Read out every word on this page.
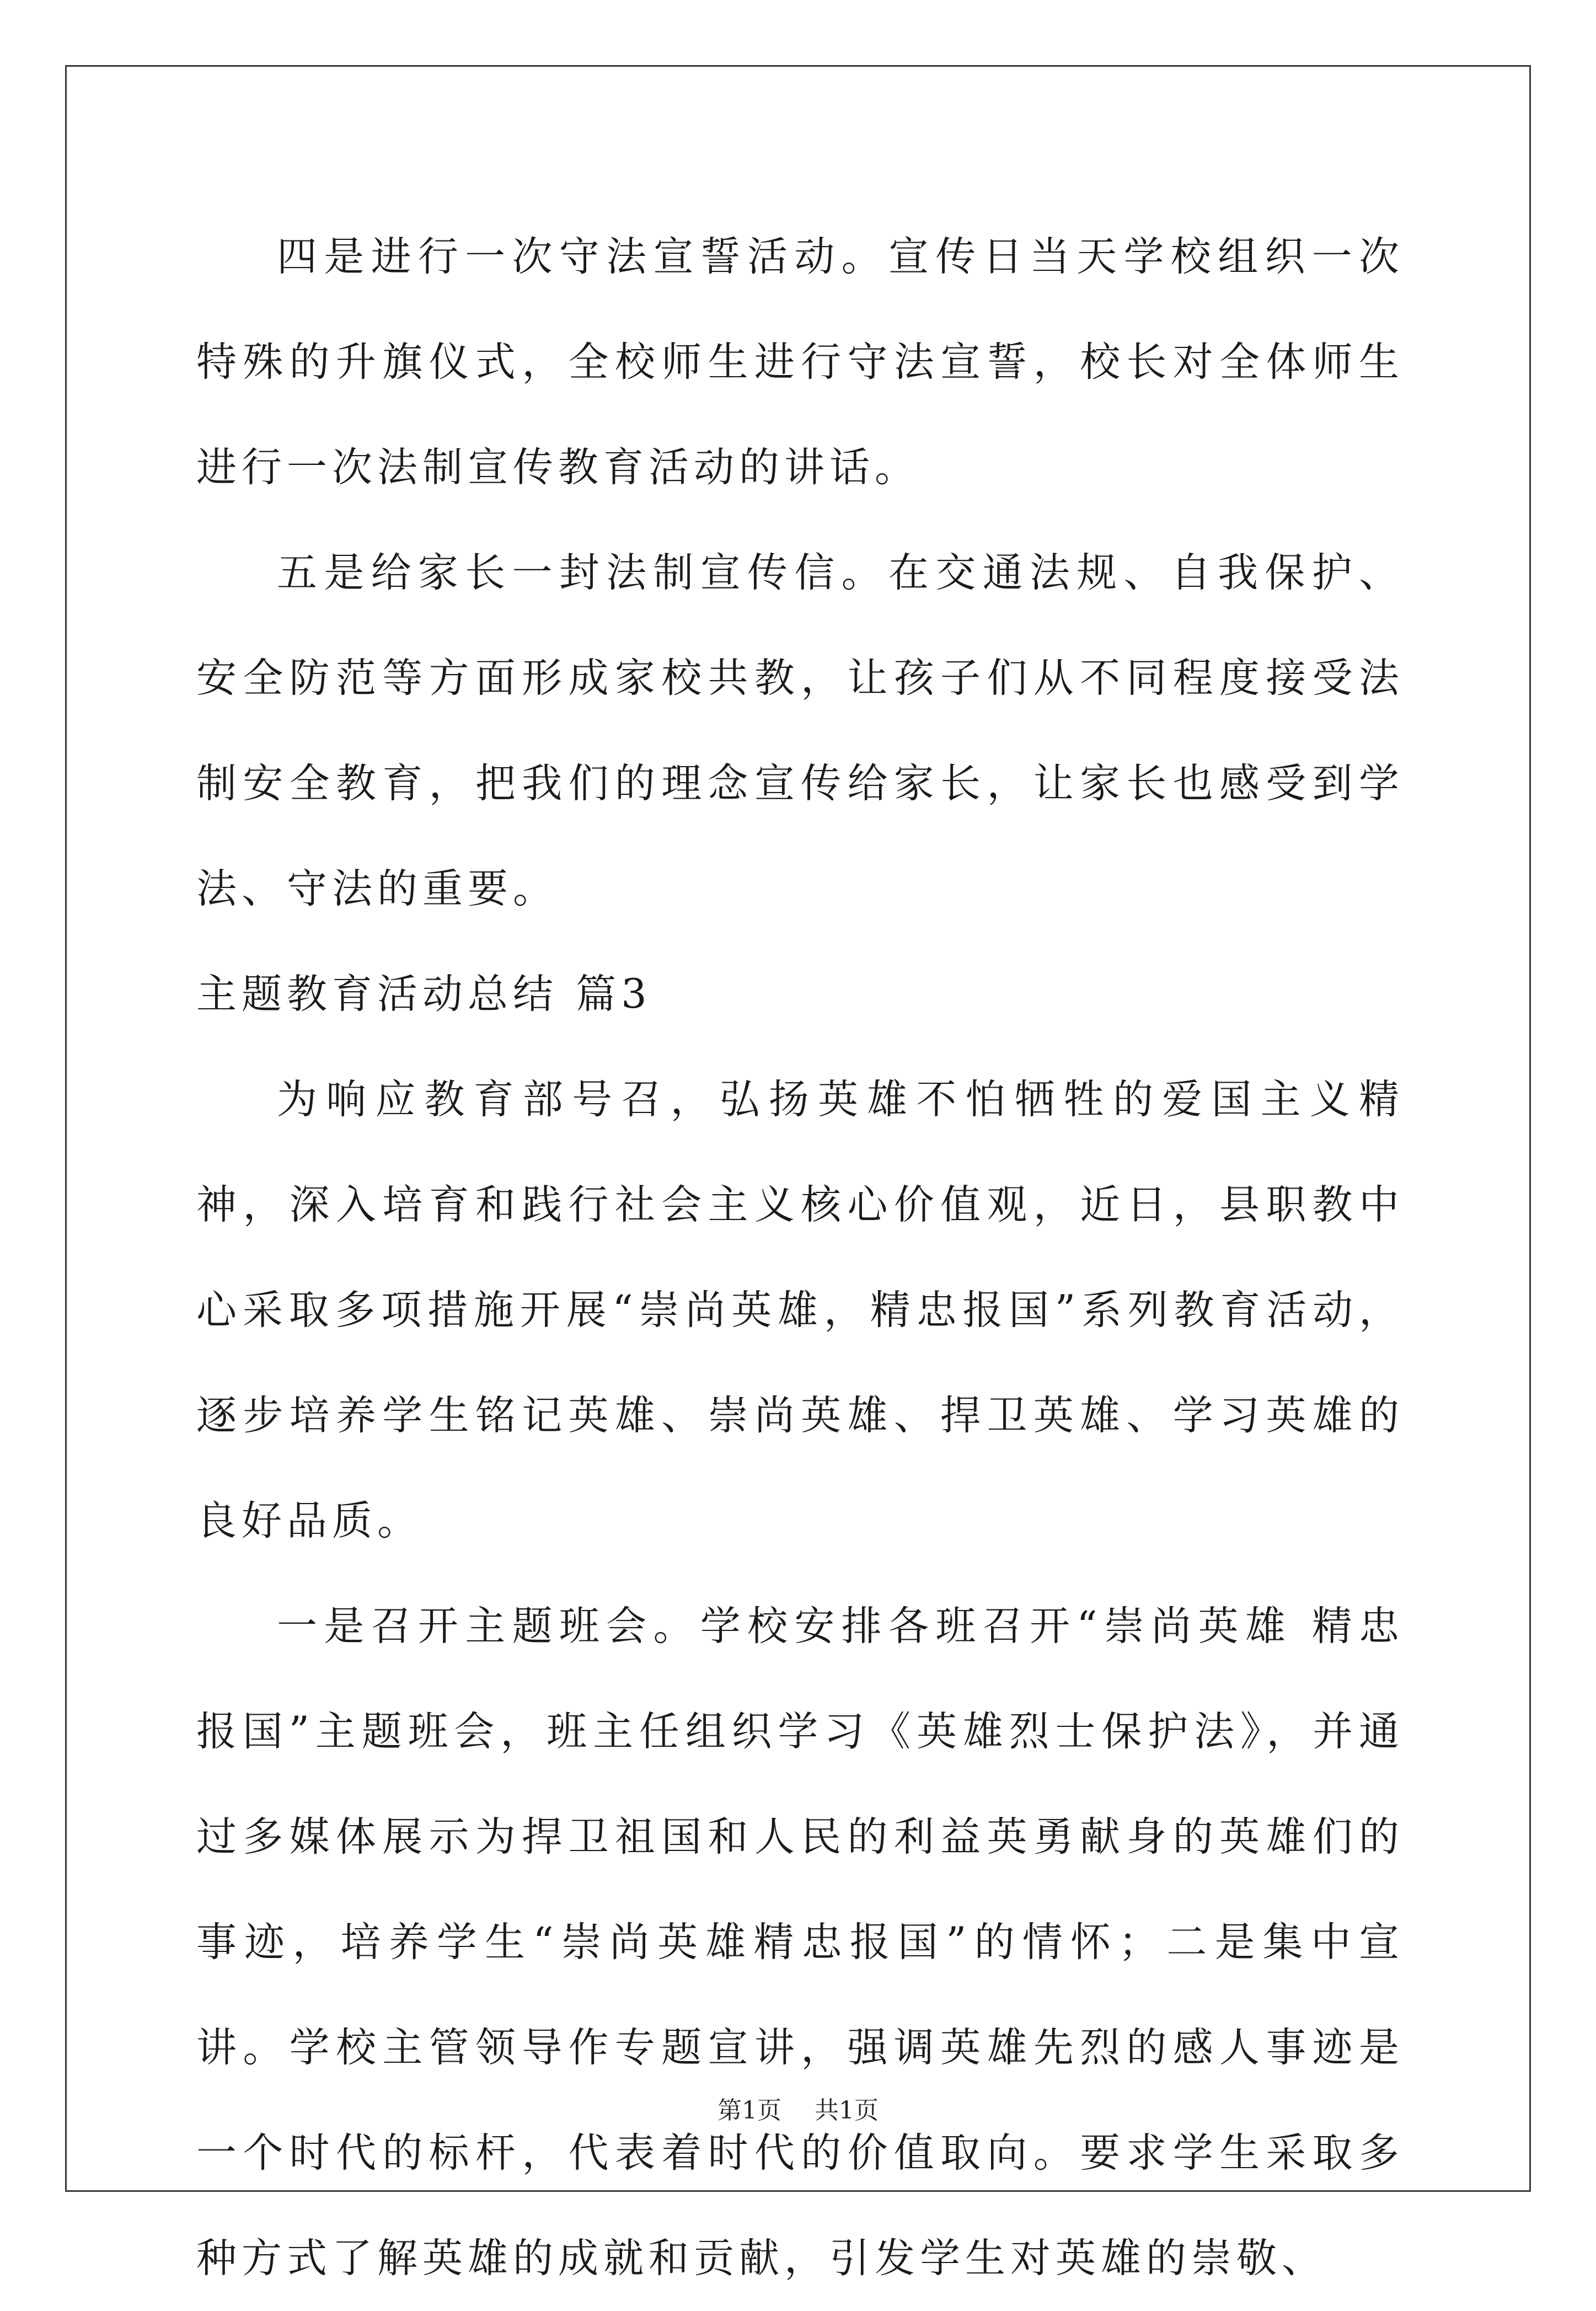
四是进行一次守法宣誓活动。宣传日当天学校组织一次特殊的升旗仪式，全校师生进行守法宣誓，校长对全体师生进行一次法制宣传教育活动的讲话。

五是给家长一封法制宣传信。在交通法规、自我保护、安全防范等方面形成家校共教，让孩子们从不同程度接受法制安全教育，把我们的理念宣传给家长，让家长也感受到学法、守法的重要。

主题教育活动总结 篇3

为响应教育部号召，弘扬英雄不怕牺牲的爱国主义精神，深入培育和践行社会主义核心价值观，近日，县职教中心采取多项措施开展“崇尚英雄，精忠报国”系列教育活动，逐步培养学生铭记英雄、崇尚英雄、捍卫英雄、学习英雄的良好品质。

一是召开主题班会。学校安排各班召开“崇尚英雄 精忠报国”主题班会，班主任组织学习《英雄烈士保护法》，并通过多媒体展示为捍卫祖国和人民的利益英勇献身的英雄们的事迹，培养学生“崇尚英雄精忠报国”的情怀；二是集中宣讲。学校主管领导作专题宣讲，强调英雄先烈的感人事迹是一个时代的标杆，代表着时代的价值取向。要求学生采取多种方式了解英雄的成就和贡献，引发学生对英雄的崇敬、

第1页 共1页
